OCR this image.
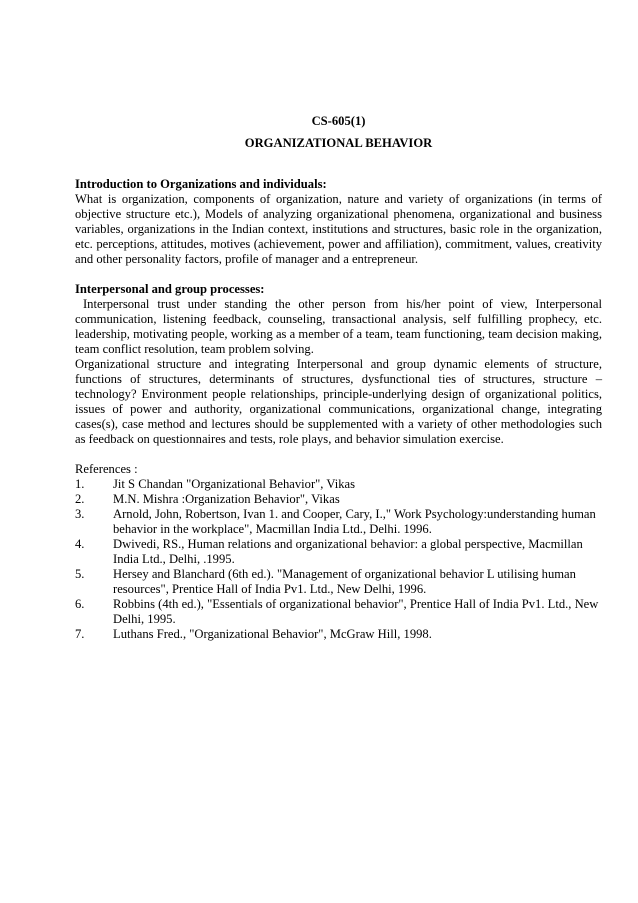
CS-605(1)

ORGANIZATIONAL BEHAVIOR

Introduction to Organizations and individuals:

What is organization, components of organization, nature and variety of organizations (in terms of objective structure etc.), Models of analyzing organizational phenomena, organizational and business variables, organizations in the Indian context, institutions and structures, basic role in the organization, etc. perceptions, attitudes, motives (achievement, power and affiliation), commitment, values, creativity and other personality factors, profile of manager and a entrepreneur.

Interpersonal and group processes:

Interpersonal trust under standing the other person from his/her point of view, Interpersonal communication, listening feedback, counseling, transactional analysis, self fulfilling prophecy, etc. leadership, motivating people, working as a member of a team, team functioning, team decision making, team conflict resolution, team problem solving.

Organizational structure and integrating Interpersonal and group dynamic elements of structure, functions of structures, determinants of structures, dysfunctional ties of structures, structure – technology? Environment people relationships, principle-underlying design of organizational politics, issues of power and authority, organizational communications, organizational change, integrating cases(s), case method and lectures should be supplemented with a variety of other methodologies such as feedback on questionnaires and tests, role plays, and behavior simulation exercise.

References :

1.	Jit S Chandan "Organizational Behavior", Vikas
2.	M.N. Mishra :Organization Behavior", Vikas
3.	Arnold, John, Robertson, Ivan 1. and Cooper, Cary, I.," Work Psychology:understanding human behavior in the workplace", Macmillan India Ltd., Delhi. 1996.
4.	Dwivedi, RS., Human relations and organizational behavior: a global perspective, Macmillan India Ltd., Delhi, .1995.
5.	Hersey and Blanchard (6th ed.). "Management of organizational behavior L utilising human resources", Prentice Hall of India Pv1. Ltd., New Delhi, 1996.
6.	Robbins (4th ed.), "Essentials of organizational behavior", Prentice Hall of India Pv1. Ltd., New Delhi, 1995.
7.	Luthans Fred., "Organizational Behavior", McGraw Hill, 1998.
